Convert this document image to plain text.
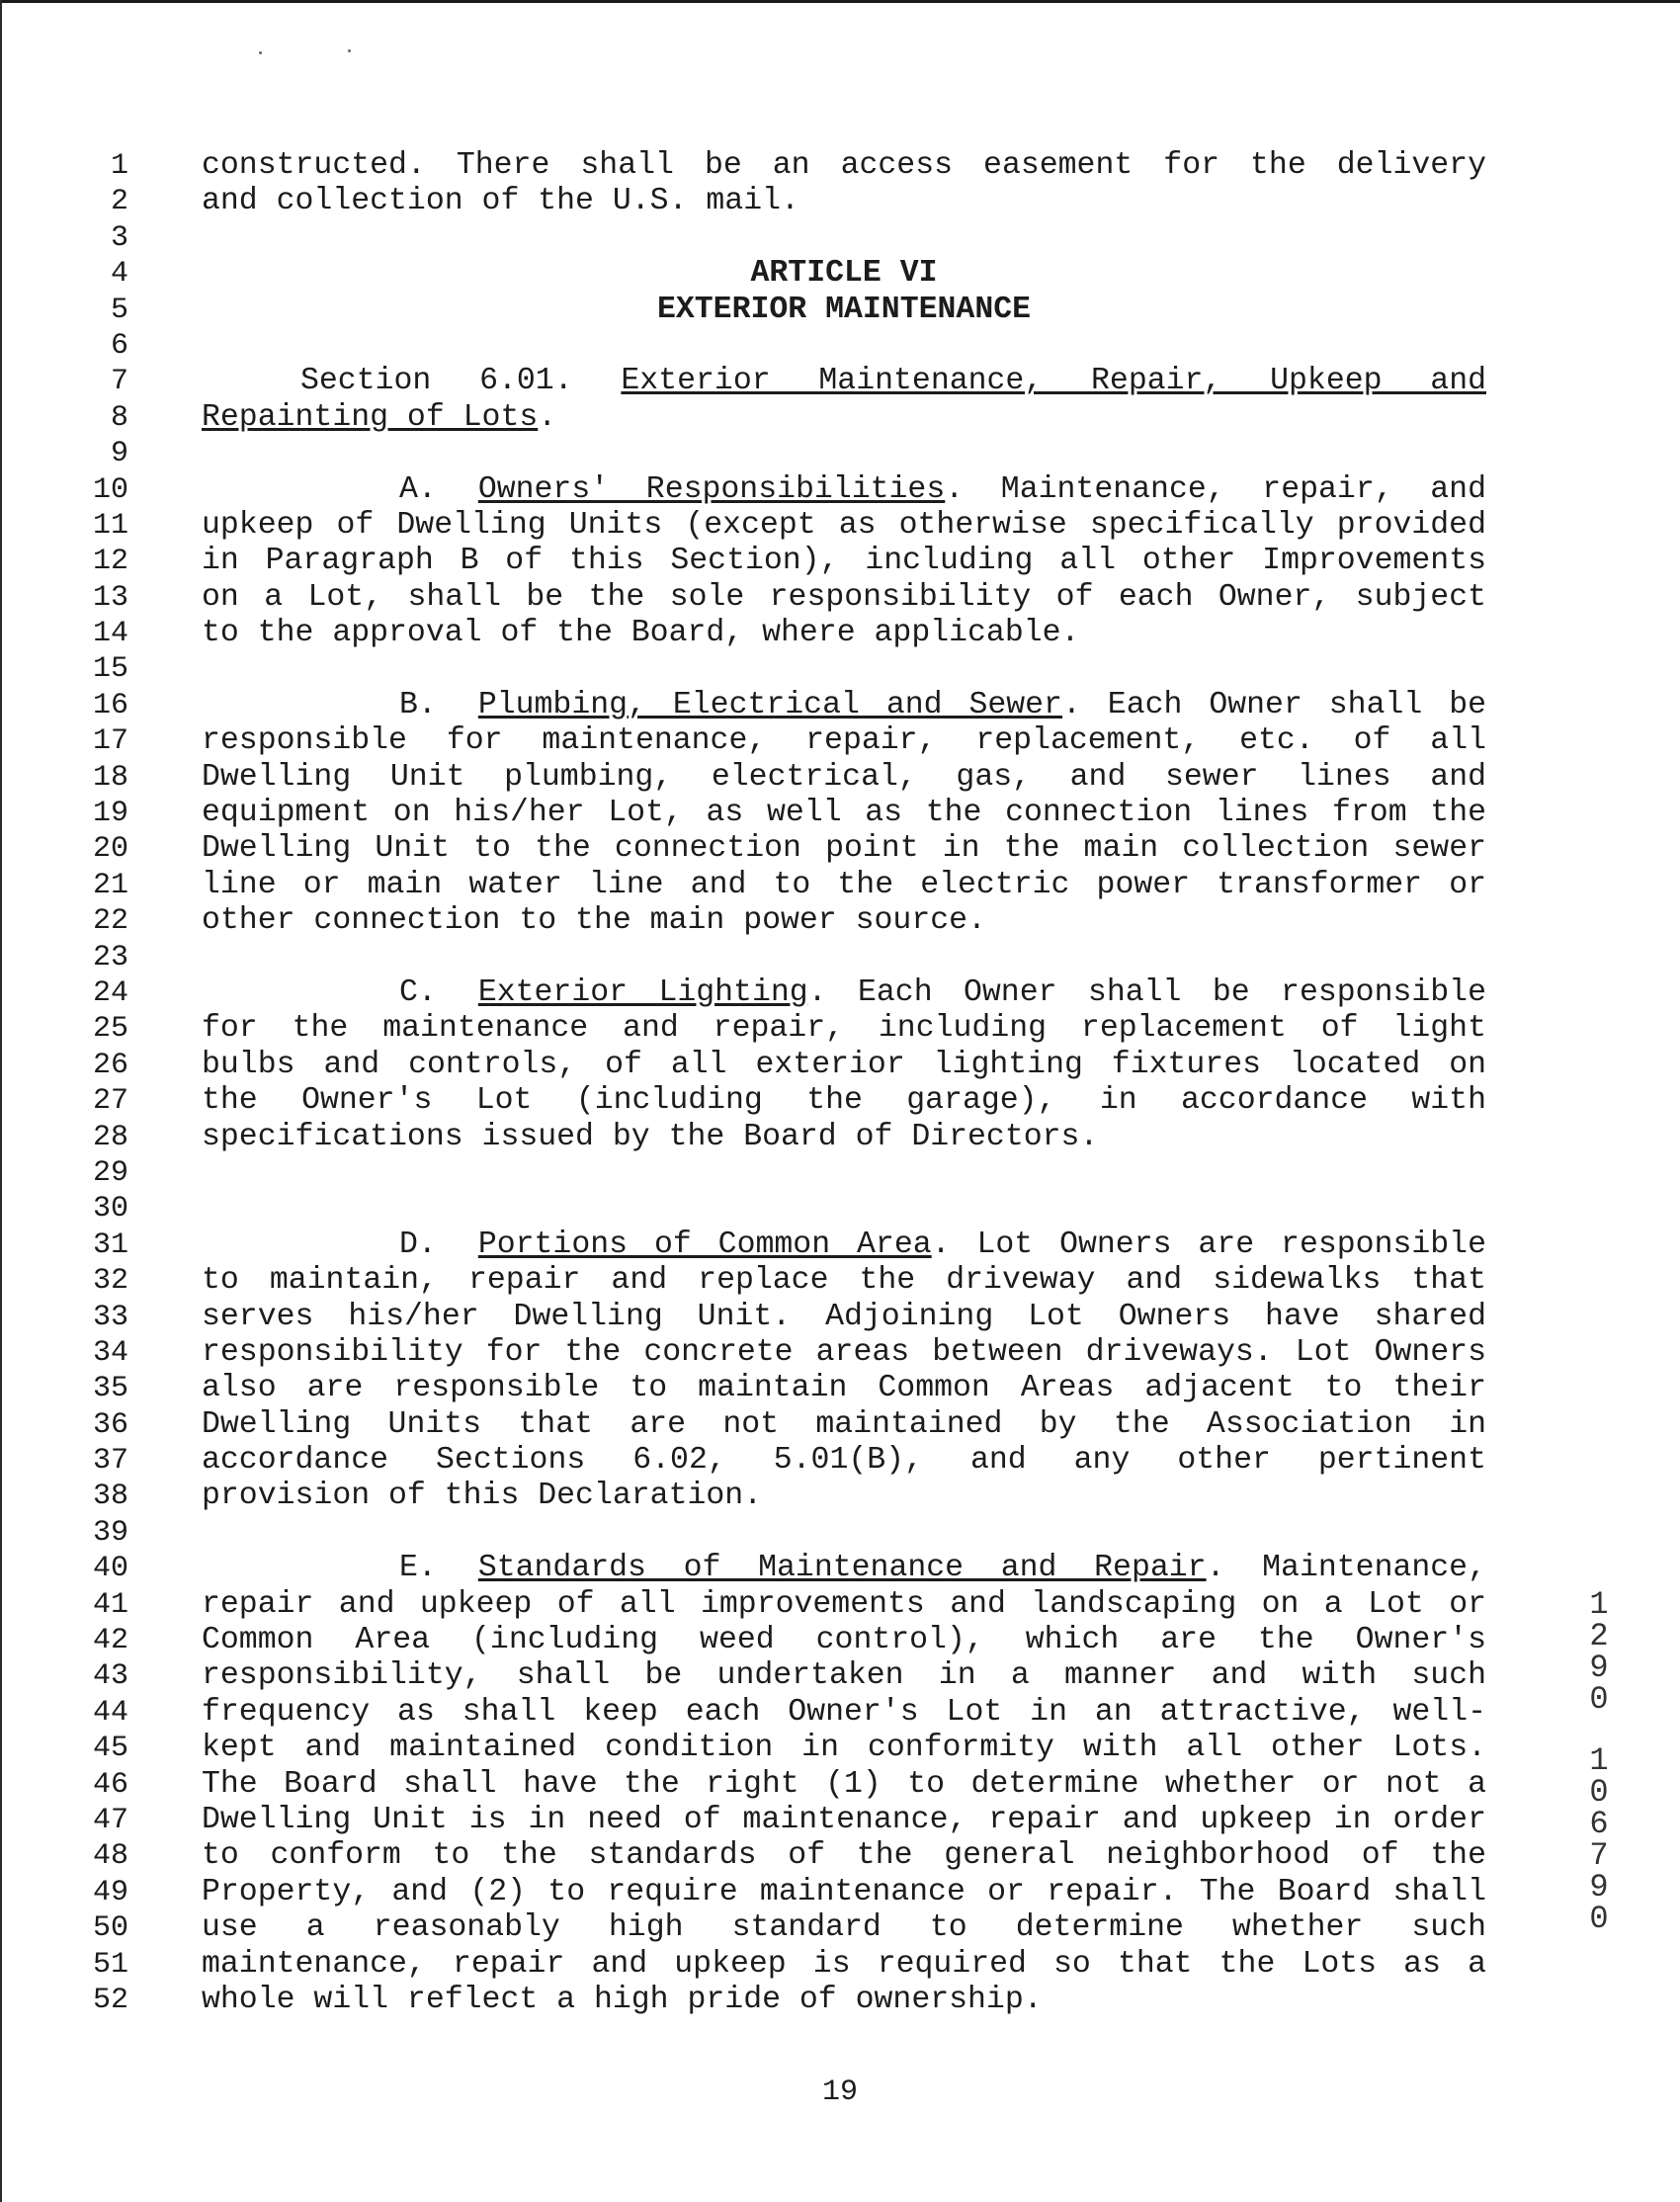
1
2
3
4
5
6
7
8
9
10
11
12
13
14
15
16
17
18
19
20
21
22
23
24
25
26
27
28
29
30
31
32
33
34
35
36
37
38
39
40
41
42
43
44
45
46
47
48
49
50
51
52
constructed. There shall be an access easement for the delivery
and collection of the U.S. mail.
ARTICLE VI
EXTERIOR MAINTENANCE
Section 6.01. Exterior Maintenance, Repair, Upkeep and
Repainting of Lots.
A. Owners' Responsibilities. Maintenance, repair, and
upkeep of Dwelling Units (except as otherwise specifically provided
in Paragraph B of this Section), including all other Improvements
on a Lot, shall be the sole responsibility of each Owner, subject
to the approval of the Board, where applicable.
B. Plumbing, Electrical and Sewer. Each Owner shall be
responsible for maintenance, repair, replacement, etc. of all
Dwelling Unit plumbing, electrical, gas, and sewer lines and
equipment on his/her Lot, as well as the connection lines from the
Dwelling Unit to the connection point in the main collection sewer
line or main water line and to the electric power transformer or
other connection to the main power source.
C. Exterior Lighting. Each Owner shall be responsible
for the maintenance and repair, including replacement of light
bulbs and controls, of all exterior lighting fixtures located on
the Owner's Lot (including the garage), in accordance with
specifications issued by the Board of Directors.
D. Portions of Common Area. Lot Owners are responsible
to maintain, repair and replace the driveway and sidewalks that
serves his/her Dwelling Unit. Adjoining Lot Owners have shared
responsibility for the concrete areas between driveways. Lot Owners
also are responsible to maintain Common Areas adjacent to their
Dwelling Units that are not maintained by the Association in
accordance Sections 6.02, 5.01(B), and any other pertinent
provision of this Declaration.
E. Standards of Maintenance and Repair. Maintenance,
repair and upkeep of all improvements and landscaping on a Lot or
Common Area (including weed control), which are the Owner's
responsibility, shall be undertaken in a manner and with such
frequency as shall keep each Owner's Lot in an attractive, well-
kept and maintained condition in conformity with all other Lots.
The Board shall have the right (1) to determine whether or not a
Dwelling Unit is in need of maintenance, repair and upkeep in order
to conform to the standards of the general neighborhood of the
Property, and (2) to require maintenance or repair. The Board shall
use a reasonably high standard to determine whether such
maintenance, repair and upkeep is required so that the Lots as a
whole will reflect a high pride of ownership.
1
2
9
0
1
0
6
7
9
0
19
